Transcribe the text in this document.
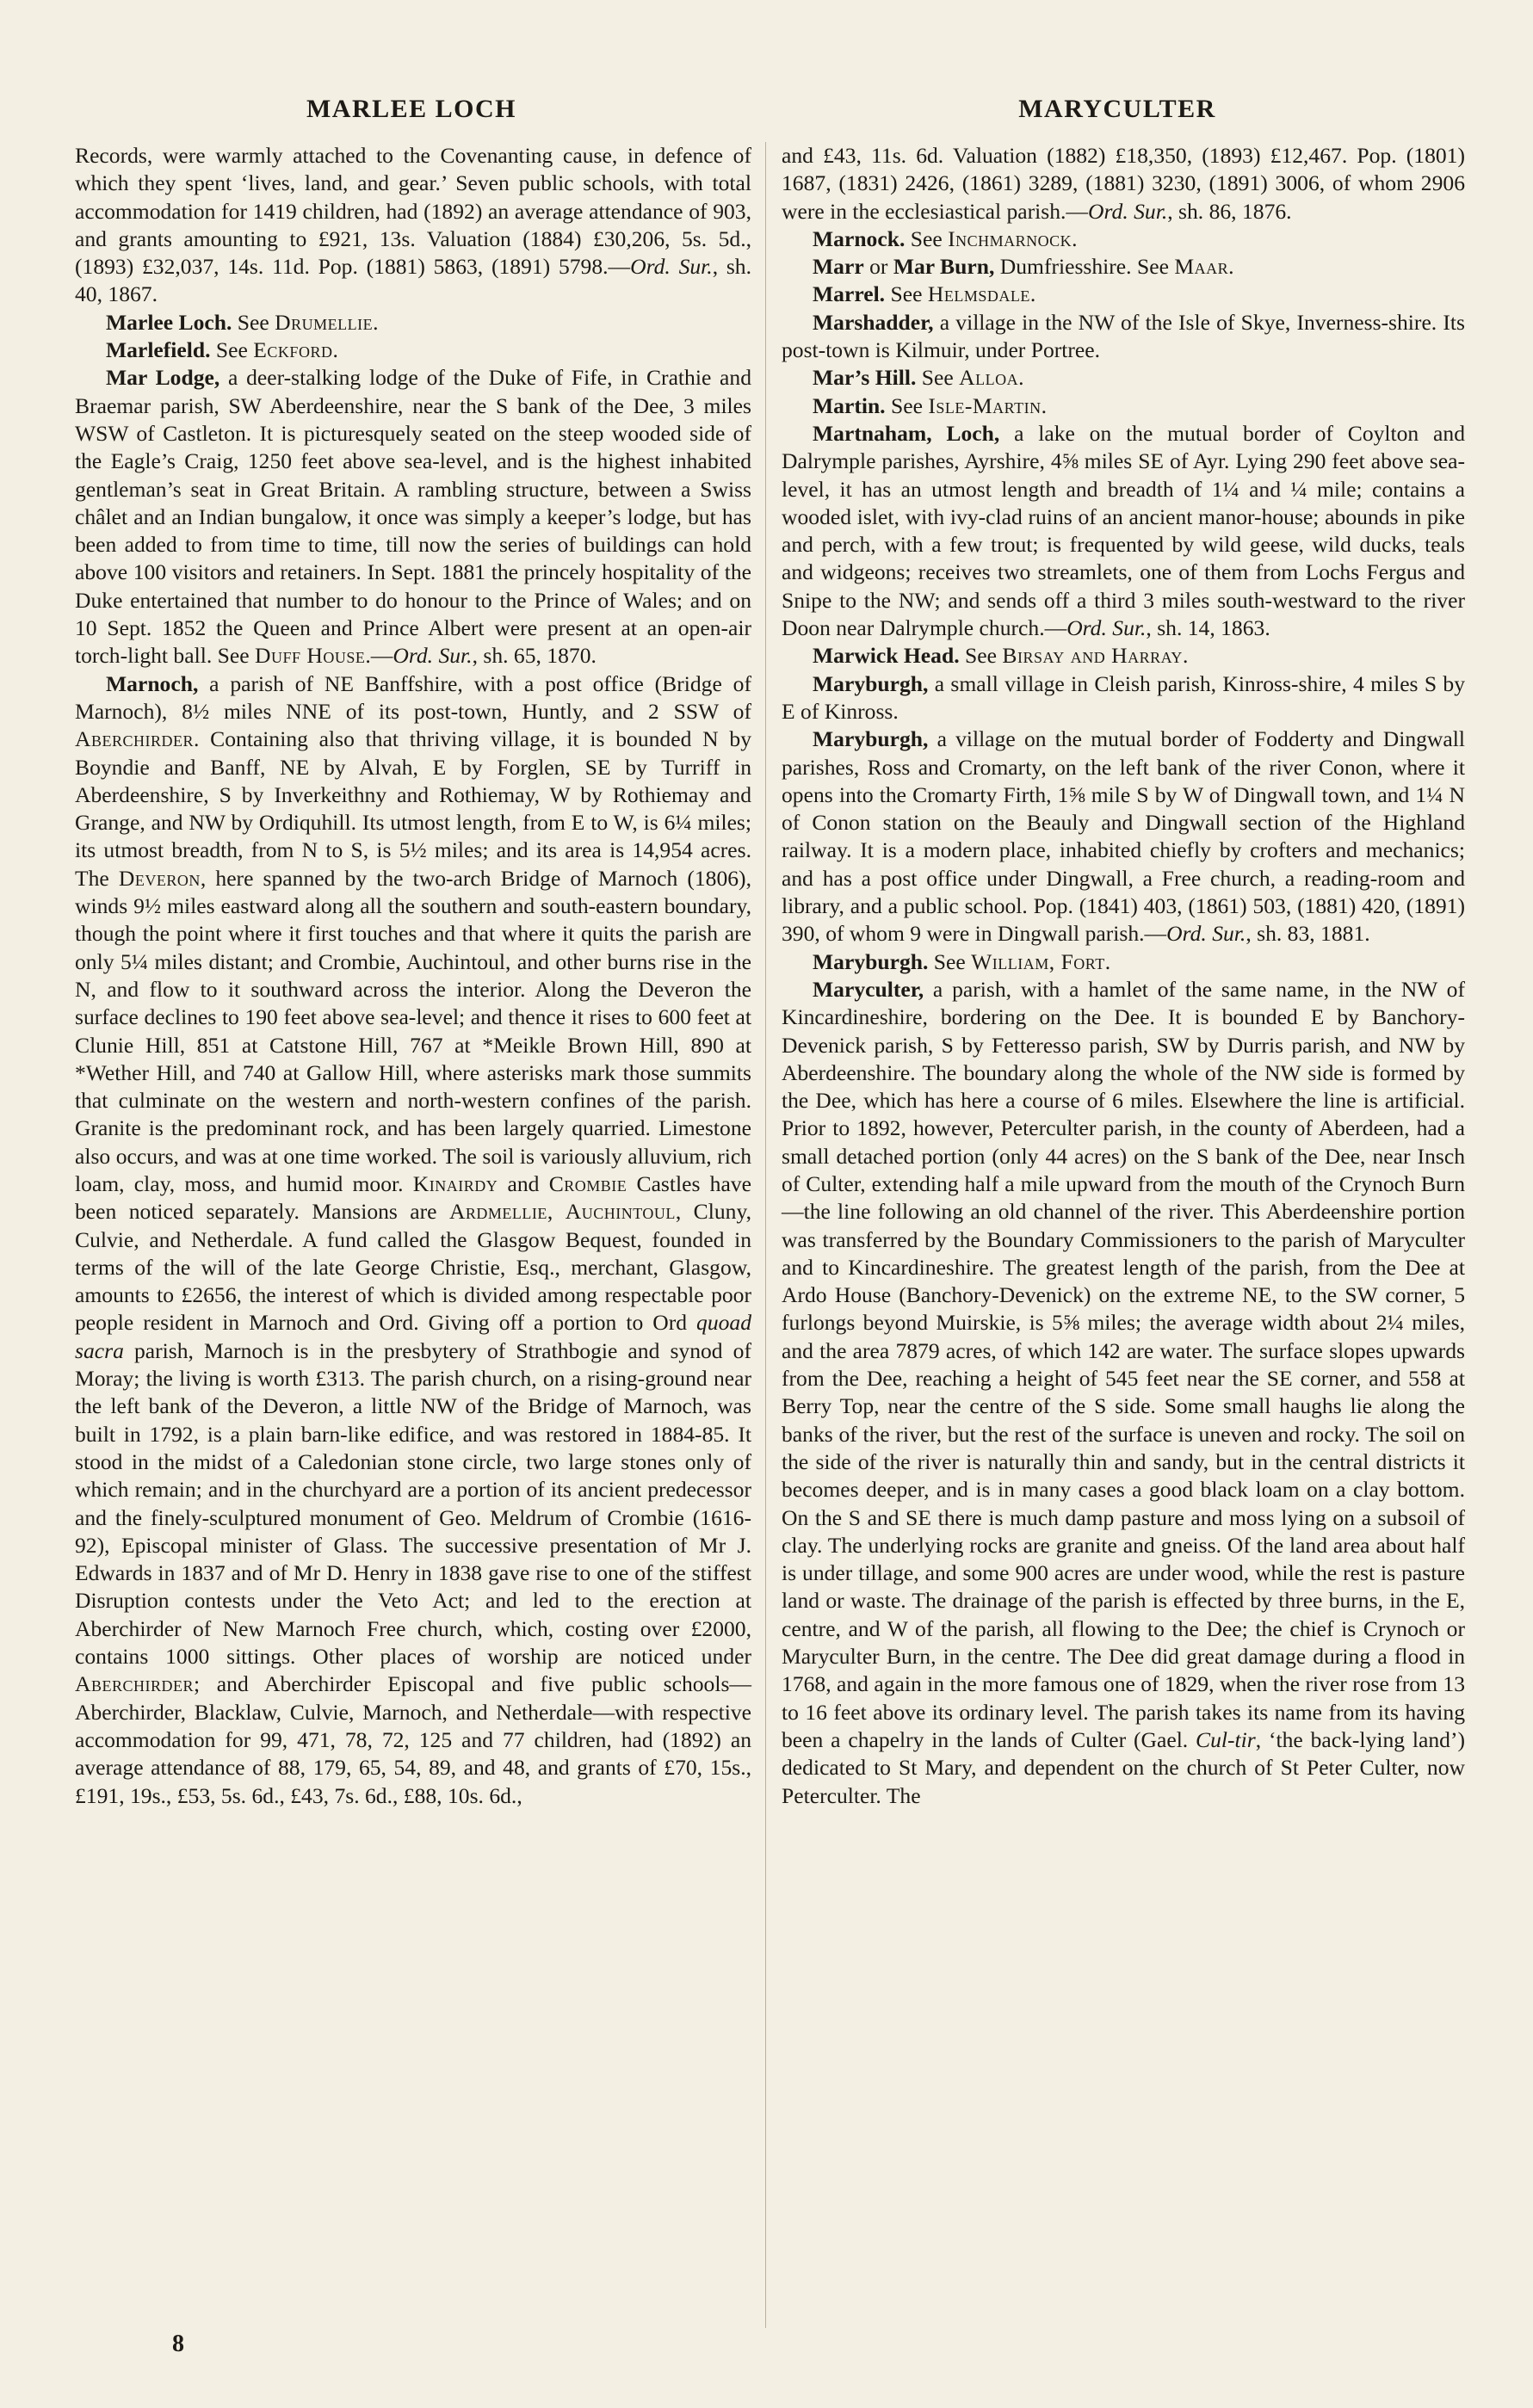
MARLEE LOCH	MARYCULTER

Records, were warmly attached to the Covenanting cause, in defence of which they spent ‘lives, land, and gear.’ Seven public schools, with total accommodation for 1419 children, had (1892) an average attendance of 903, and grants amounting to £921, 13s. Valuation (1884) £30,206, 5s. 5d., (1893) £32,037, 14s. 11d. Pop. (1881) 5863, (1891) 5798.—Ord. Sur., sh. 40, 1867.

Marlee Loch. See Drumellie.

Marlefield. See Eckford.

Mar Lodge, a deer-stalking lodge of the Duke of Fife, in Crathie and Braemar parish, SW Aberdeenshire, near the S bank of the Dee, 3 miles WSW of Castleton. It is picturesquely seated on the steep wooded side of the Eagle’s Craig, 1250 feet above sea-level, and is the highest inhabited gentleman’s seat in Great Britain. A rambling structure, between a Swiss châlet and an Indian bungalow, it once was simply a keeper’s lodge, but has been added to from time to time, till now the series of buildings can hold above 100 visitors and retainers. In Sept. 1881 the princely hospitality of the Duke entertained that number to do honour to the Prince of Wales; and on 10 Sept. 1852 the Queen and Prince Albert were present at an open-air torch-light ball. See Duff House.—Ord. Sur., sh. 65, 1870.

Marnoch, a parish of NE Banffshire, with a post office (Bridge of Marnoch), 8½ miles NNE of its post-town, Huntly, and 2 SSW of Aberchirder. Containing also that thriving village, it is bounded N by Boyndie and Banff, NE by Alvah, E by Forglen, SE by Turriff in Aberdeenshire, S by Inverkeithny and Rothiemay, W by Rothiemay and Grange, and NW by Ordiquhill. Its utmost length, from E to W, is 6¼ miles; its utmost breadth, from N to S, is 5½ miles; and its area is 14,954 acres. The Deveron, here spanned by the two-arch Bridge of Marnoch (1806), winds 9½ miles eastward along all the southern and south-eastern boundary, though the point where it first touches and that where it quits the parish are only 5¼ miles distant; and Crombie, Auchintoul, and other burns rise in the N, and flow to it southward across the interior. Along the Deveron the surface declines to 190 feet above sea-level; and thence it rises to 600 feet at Clunie Hill, 851 at Catstone Hill, 767 at *Meikle Brown Hill, 890 at *Wether Hill, and 740 at Gallow Hill, where asterisks mark those summits that culminate on the western and north-western confines of the parish. Granite is the predominant rock, and has been largely quarried. Limestone also occurs, and was at one time worked. The soil is variously alluvium, rich loam, clay, moss, and humid moor. Kinairdy and Crombie Castles have been noticed separately. Mansions are Ardmellie, Auchintoul, Cluny, Culvie, and Netherdale. A fund called the Glasgow Bequest, founded in terms of the will of the late George Christie, Esq., merchant, Glasgow, amounts to £2656, the interest of which is divided among respectable poor people resident in Marnoch and Ord. Giving off a portion to Ord quoad sacra parish, Marnoch is in the presbytery of Strathbogie and synod of Moray; the living is worth £313. The parish church, on a rising-ground near the left bank of the Deveron, a little NW of the Bridge of Marnoch, was built in 1792, is a plain barn-like edifice, and was restored in 1884-85. It stood in the midst of a Caledonian stone circle, two large stones only of which remain; and in the churchyard are a portion of its ancient predecessor and the finely-sculptured monument of Geo. Meldrum of Crombie (1616-92), Episcopal minister of Glass. The successive presentation of Mr J. Edwards in 1837 and of Mr D. Henry in 1838 gave rise to one of the stiffest Disruption contests under the Veto Act; and led to the erection at Aberchirder of New Marnoch Free church, which, costing over £2000, contains 1000 sittings. Other places of worship are noticed under Aberchirder; and Aberchirder Episcopal and five public schools—Aberchirder, Blacklaw, Culvie, Marnoch, and Netherdale—with respective accommodation for 99, 471, 78, 72, 125 and 77 children, had (1892) an average attendance of 88, 179, 65, 54, 89, and 48, and grants of £70, 15s., £191, 19s., £53, 5s. 6d., £43, 7s. 6d., £88, 10s. 6d.,

and £43, 11s. 6d. Valuation (1882) £18,350, (1893) £12,467. Pop. (1801) 1687, (1831) 2426, (1861) 3289, (1881) 3230, (1891) 3006, of whom 2906 were in the ecclesiastical parish.—Ord. Sur., sh. 86, 1876.

Marnock. See Inchmarnock.

Marr or Mar Burn, Dumfriesshire. See Maar.

Marrel. See Helmsdale.

Marshadder, a village in the NW of the Isle of Skye, Inverness-shire. Its post-town is Kilmuir, under Portree.

Mar’s Hill. See Alloa.

Martin. See Isle-Martin.

Martnaham, Loch, a lake on the mutual border of Coylton and Dalrymple parishes, Ayrshire, 4⅝ miles SE of Ayr. Lying 290 feet above sea-level, it has an utmost length and breadth of 1¼ and ¼ mile; contains a wooded islet, with ivy-clad ruins of an ancient manor-house; abounds in pike and perch, with a few trout; is frequented by wild geese, wild ducks, teals and widgeons; receives two streamlets, one of them from Lochs Fergus and Snipe to the NW; and sends off a third 3 miles south-westward to the river Doon near Dalrymple church.—Ord. Sur., sh. 14, 1863.

Marwick Head. See Birsay and Harray.

Maryburgh, a small village in Cleish parish, Kinross-shire, 4 miles S by E of Kinross.

Maryburgh, a village on the mutual border of Fodderty and Dingwall parishes, Ross and Cromarty, on the left bank of the river Conon, where it opens into the Cromarty Firth, 1⅝ mile S by W of Dingwall town, and 1¼ N of Conon station on the Beauly and Dingwall section of the Highland railway. It is a modern place, inhabited chiefly by crofters and mechanics; and has a post office under Dingwall, a Free church, a reading-room and library, and a public school. Pop. (1841) 403, (1861) 503, (1881) 420, (1891) 390, of whom 9 were in Dingwall parish.—Ord. Sur., sh. 83, 1881.

Maryburgh. See William, Fort.

Maryculter, a parish, with a hamlet of the same name, in the NW of Kincardineshire, bordering on the Dee. It is bounded E by Banchory-Devenick parish, S by Fetteresso parish, SW by Durris parish, and NW by Aberdeenshire. The boundary along the whole of the NW side is formed by the Dee, which has here a course of 6 miles. Elsewhere the line is artificial. Prior to 1892, however, Peterculter parish, in the county of Aberdeen, had a small detached portion (only 44 acres) on the S bank of the Dee, near Insch of Culter, extending half a mile upward from the mouth of the Crynoch Burn—the line following an old channel of the river. This Aberdeenshire portion was transferred by the Boundary Commissioners to the parish of Maryculter and to Kincardineshire. The greatest length of the parish, from the Dee at Ardo House (Banchory-Devenick) on the extreme NE, to the SW corner, 5 furlongs beyond Muirskie, is 5⅝ miles; the average width about 2¼ miles, and the area 7879 acres, of which 142 are water. The surface slopes upwards from the Dee, reaching a height of 545 feet near the SE corner, and 558 at Berry Top, near the centre of the S side. Some small haughs lie along the banks of the river, but the rest of the surface is uneven and rocky. The soil on the side of the river is naturally thin and sandy, but in the central districts it becomes deeper, and is in many cases a good black loam on a clay bottom. On the S and SE there is much damp pasture and moss lying on a subsoil of clay. The underlying rocks are granite and gneiss. Of the land area about half is under tillage, and some 900 acres are under wood, while the rest is pasture land or waste. The drainage of the parish is effected by three burns, in the E, centre, and W of the parish, all flowing to the Dee; the chief is Crynoch or Maryculter Burn, in the centre. The Dee did great damage during a flood in 1768, and again in the more famous one of 1829, when the river rose from 13 to 16 feet above its ordinary level. The parish takes its name from its having been a chapelry in the lands of Culter (Gael. Cul-tir, ‘the back-lying land’) dedicated to St Mary, and dependent on the church of St Peter Culter, now Peterculter. The

8
